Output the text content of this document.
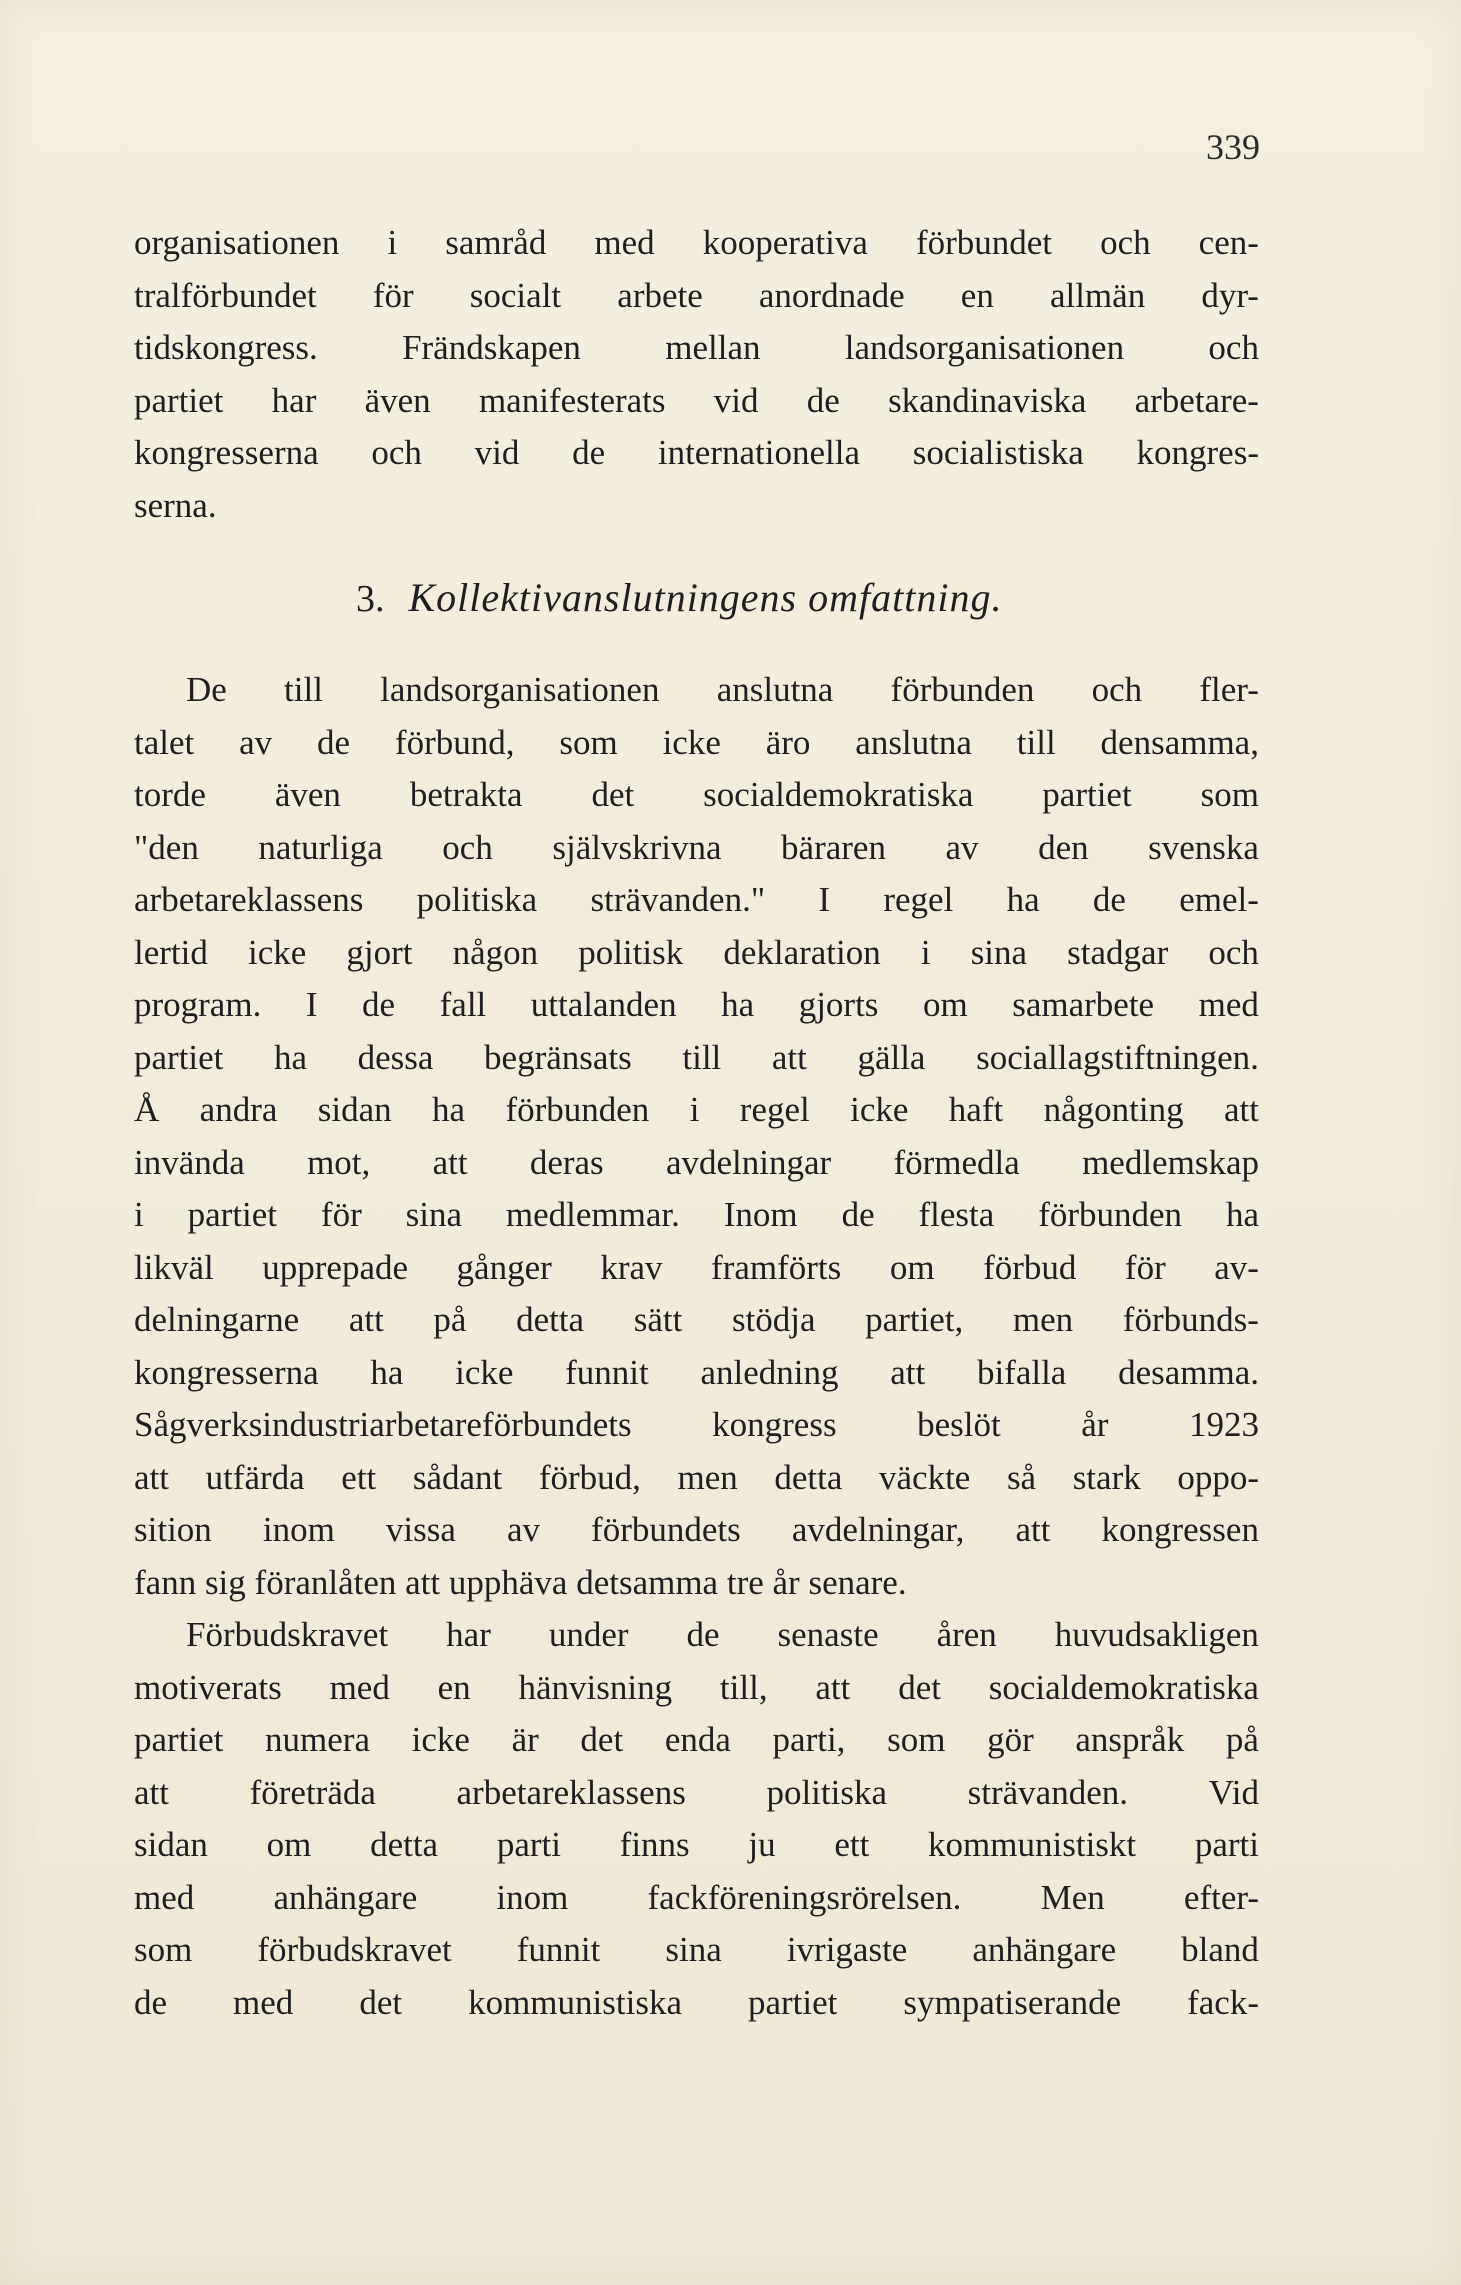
339
organisationen i samråd med kooperativa förbundet och cen-
tralförbundet för socialt arbete anordnade en allmän dyr-
tidskongress. Frändskapen mellan landsorganisationen och
partiet har även manifesterats vid de skandinaviska arbetare-
kongresserna och vid de internationella socialistiska kongres-
serna.
3. Kollektivanslutningens omfattning.
De till landsorganisationen anslutna förbunden och fler-
talet av de förbund, som icke äro anslutna till densamma,
torde även betrakta det socialdemokratiska partiet som
"den naturliga och självskrivna bäraren av den svenska
arbetareklassens politiska strävanden." I regel ha de emel-
lertid icke gjort någon politisk deklaration i sina stadgar och
program. I de fall uttalanden ha gjorts om samarbete med
partiet ha dessa begränsats till att gälla sociallagstiftningen.
Å andra sidan ha förbunden i regel icke haft någonting att
invända mot, att deras avdelningar förmedla medlemskap
i partiet för sina medlemmar. Inom de flesta förbunden ha
likväl upprepade gånger krav framförts om förbud för av-
delningarne att på detta sätt stödja partiet, men förbunds-
kongresserna ha icke funnit anledning att bifalla desamma.
Sågverksindustriarbetareförbundets kongress beslöt år 1923
att utfärda ett sådant förbud, men detta väckte så stark oppo-
sition inom vissa av förbundets avdelningar, att kongressen
fann sig föranlåten att upphäva detsamma tre år senare.
Förbudskravet har under de senaste åren huvudsakligen
motiverats med en hänvisning till, att det socialdemokratiska
partiet numera icke är det enda parti, som gör anspråk på
att företräda arbetareklassens politiska strävanden. Vid
sidan om detta parti finns ju ett kommunistiskt parti
med anhängare inom fackföreningsrörelsen. Men efter-
som förbudskravet funnit sina ivrigaste anhängare bland
de med det kommunistiska partiet sympatiserande fack-
